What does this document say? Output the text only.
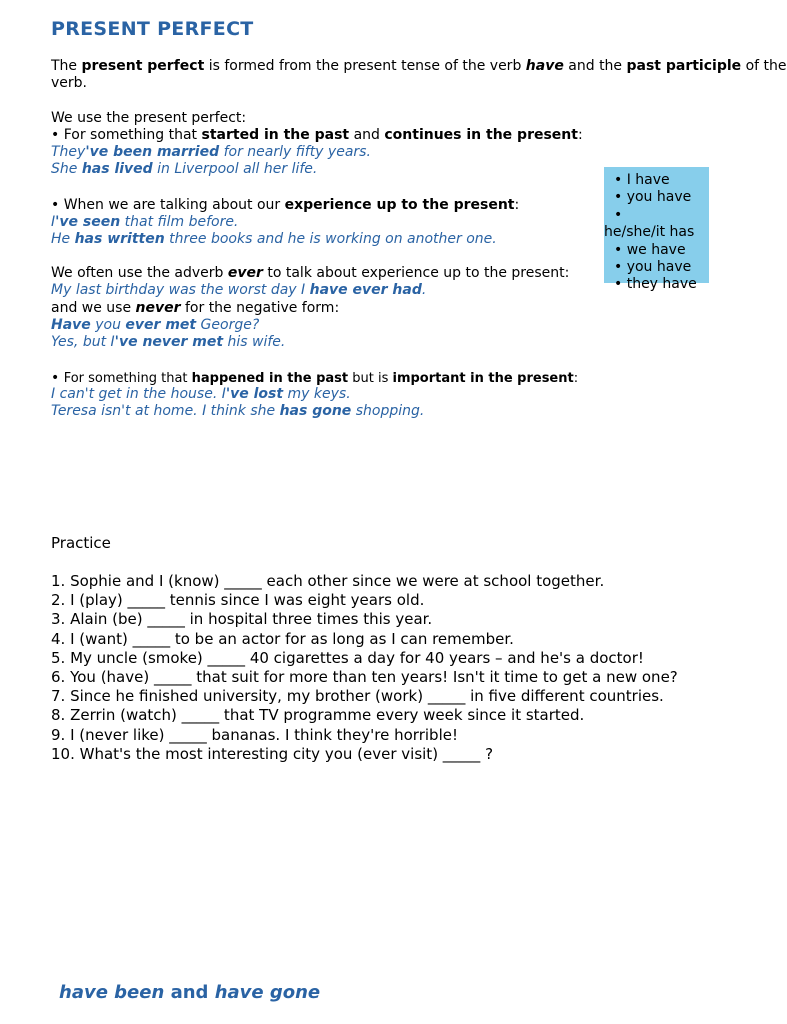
PRESENT PERFECT
The present perfect is formed from the present tense of the verb have and the past participle of the
verb.
We use the present perfect:
• For something that started in the past and continues in the present:
They've been married for nearly fifty years.
She has lived in Liverpool all her life.
• When we are talking about our experience up to the present:
I've seen that film before.
He has written three books and he is working on another one.
We often use the adverb ever to talk about experience up to the present:
My last birthday was the worst day I have ever had.
and we use never for the negative form:
Have you ever met George?
Yes, but I've never met his wife.
• For something that happened in the past but is important in the present:
I can't get in the house. I've lost my keys.
Teresa isn't at home. I think she has gone shopping.
• I have
• you have
•
he/she/it has
• we have
• you have
• they have
Practice
1. Sophie and I (know) _____ each other since we were at school together.
2. I (play) _____ tennis since I was eight years old.
3. Alain (be) _____ in hospital three times this year.
4. I (want) _____ to be an actor for as long as I can remember.
5. My uncle (smoke) _____ 40 cigarettes a day for 40 years – and he's a doctor!
6. You (have) _____ that suit for more than ten years! Isn't it time to get a new one?
7. Since he finished university, my brother (work) _____ in five different countries.
8. Zerrin (watch) _____ that TV programme every week since it started.
9. I (never like) _____ bananas. I think they're horrible!
10. What's the most interesting city you (ever visit) _____ ?
have been and have gone
